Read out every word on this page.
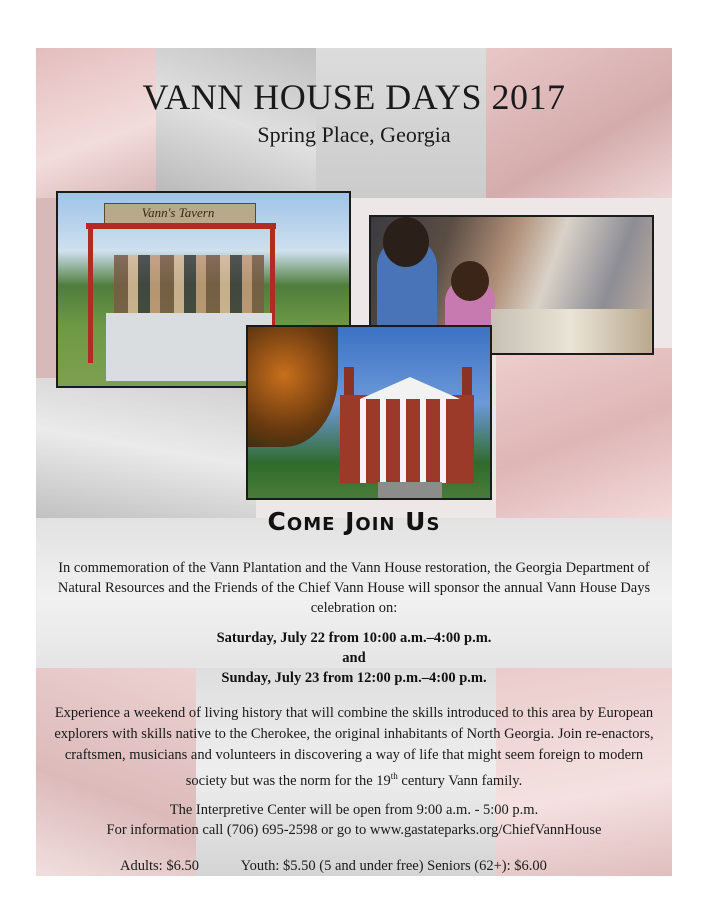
VANN HOUSE DAYS 2017
Spring Place, Georgia
Vann's Tavern
Come Join Us
In commemoration of the Vann Plantation and the Vann House restoration, the Georgia Department of Natural Resources and the Friends of the Chief Vann House will sponsor the annual Vann House Days celebration on:
Saturday, July 22 from 10:00 a.m.–4:00 p.m.
and
Sunday, July 23 from 12:00 p.m.–4:00 p.m.
Experience a weekend of living history that will combine the skills introduced to this area by European explorers with skills native to the Cherokee, the original inhabitants of North Georgia. Join re-enactors, craftsmen, musicians and volunteers in discovering a way of life that might seem foreign to modern society but was the norm for the 19th century Vann family.
The Interpretive Center will be open from 9:00 a.m. - 5:00 p.m.
For information call (706) 695-2598 or go to www.gastateparks.org/ChiefVannHouse
Adults: $6.50	Youth: $5.50 (5 and under free) Seniors (62+): $6.00
